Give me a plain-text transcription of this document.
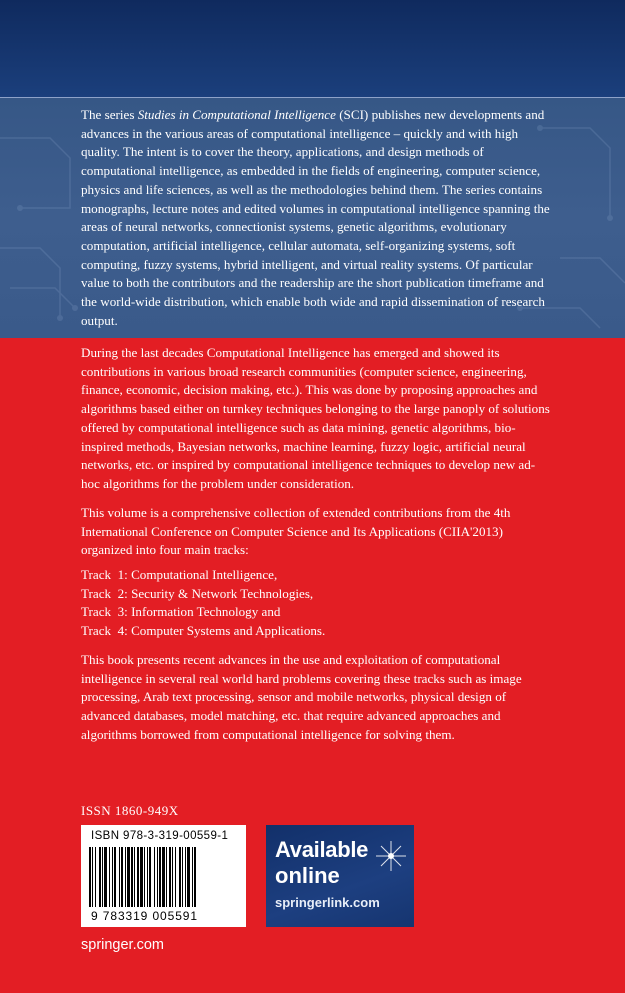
The series Studies in Computational Intelligence (SCI) publishes new developments and advances in the various areas of computational intelligence – quickly and with high quality. The intent is to cover the theory, applications, and design methods of computational intelligence, as embedded in the fields of engineering, computer science, physics and life sciences, as well as the methodologies behind them. The series contains monographs, lecture notes and edited volumes in computational intelligence spanning the areas of neural networks, connectionist systems, genetic algorithms, evolutionary computation, artificial intelligence, cellular automata, self-organizing systems, soft computing, fuzzy systems, hybrid intelligent, and virtual reality systems. Of particular value to both the contributors and the readership are the short publication timeframe and the world-wide distribution, which enable both wide and rapid dissemination of research output.

During the last decades Computational Intelligence has emerged and showed its contributions in various broad research communities (computer science, engineering, finance, economic, decision making, etc.). This was done by proposing approaches and algorithms based either on turnkey techniques belonging to the large panoply of solutions offered by computational intelligence such as data mining, genetic algorithms, bio-inspired methods, Bayesian networks, machine learning, fuzzy logic, artificial neural networks, etc. or inspired by computational intelligence techniques to develop new ad-hoc algorithms for the problem under consideration.

This volume is a comprehensive collection of extended contributions from the 4th International Conference on Computer Science and Its Applications (CIIA'2013) organized into four main tracks:

Track  1: Computational Intelligence,
Track  2: Security & Network Technologies,
Track  3: Information Technology and
Track  4: Computer Systems and Applications.

This book presents recent advances in the use and exploitation of computational intelligence in several real world hard problems covering these tracks such as image processing, Arab text processing, sensor and mobile networks, physical design of advanced databases, model matching, etc. that require advanced approaches and algorithms borrowed from computational intelligence for solving them.

ISSN 1860-949X
ISBN 978-3-319-00559-1
9 783319 005591
Available
online
springerlink.com
springer.com
